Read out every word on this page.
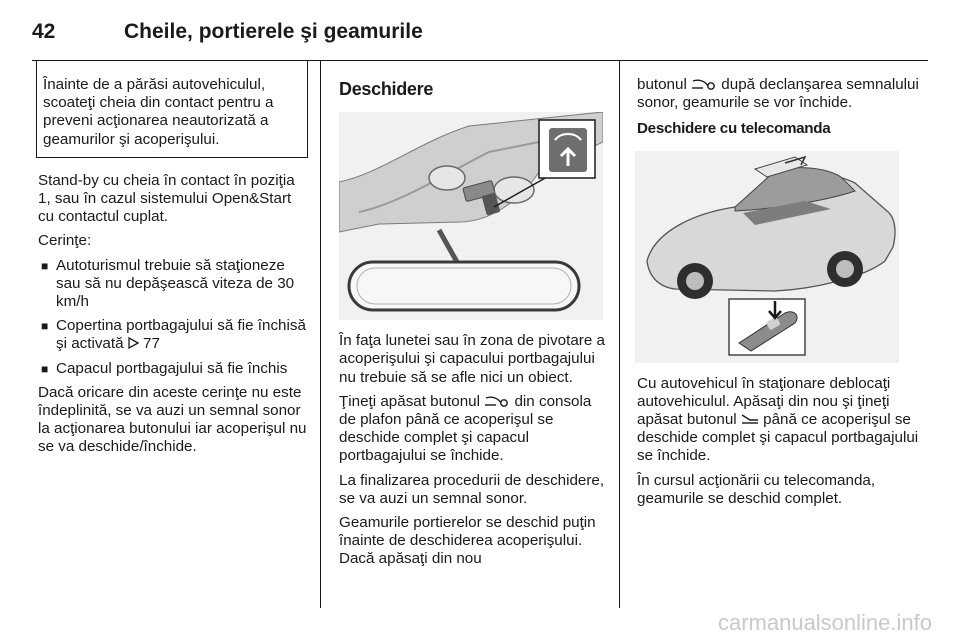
42	Cheile, portierele şi geamurile
Înainte de a părăsi autovehiculul, scoateţi cheia din contact pentru a preveni acţionarea neautorizată a geamurilor şi acoperişului.

Stand-by cu cheia în contact în poziţia 1, sau în cazul sistemului Open&Start cu contactul cuplat.

Cerinţe:

■ Autoturismul trebuie să staţioneze sau să nu depăşească viteza de 30 km/h
■ Copertina portbagajului să fie închisă şi activată 77
■ Capacul portbagajului să fie închis

Dacă oricare din aceste cerinţe nu este îndeplinită, se va auzi un semnal sonor la acţionarea butonului iar acoperişul nu se va deschide/închide.

Deschidere

În faţa lunetei sau în zona de pivotare a acoperişului şi capacului portbagajului nu trebuie să se afle nici un obiect.

Ţineţi apăsat butonul din consola de plafon până ce acoperişul se deschide complet şi capacul portbagajului se închide.

La finalizarea procedurii de deschidere, se va auzi un semnal sonor.

Geamurile portierelor se deschid puţin înainte de deschiderea acoperişului. Dacă apăsaţi din nou

butonul după declanşarea semnalului sonor, geamurile se vor închide.

Deschidere cu telecomanda

Cu autovehicul în staţionare deblocaţi autovehiculul. Apăsaţi din nou şi ţineţi apăsat butonul până ce acoperişul se deschide complet şi capacul portbagajului se închide.

În cursul acţionării cu telecomanda, geamurile se deschid complet.

carmanualsonline.info
